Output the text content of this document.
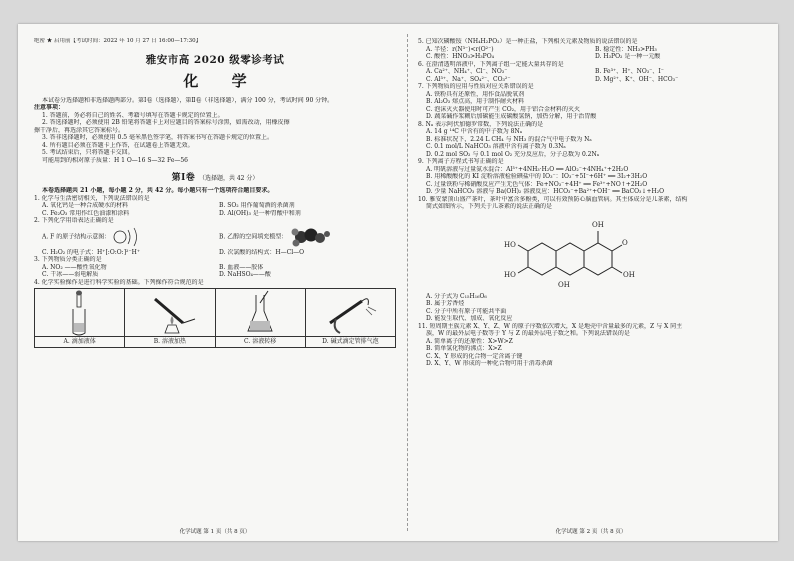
绝密 ★ 启用前【考试时间：2022 年 10 月 27 日 16:00—17:30】
雅安市高 2020 级零诊考试
化 学
本试卷分选择题和非选择题两部分。第Ⅰ卷（选择题），第Ⅱ卷（非选择题），满分 100 分，考试时间 90 分钟。
注意事项：
1. 答题前，务必将自己的姓名、考籍号填写在答题卡规定的位置上。
2. 答选择题时，必须使用 2B 铅笔将答题卡上对应题目的答案标号涂黑，如需改动，用橡皮擦
擦干净后，再选涂其它答案标号。
3. 答非选择题时，必须使用 0.5 毫米黑色签字笔，将答案书写在答题卡规定的位置上。
4. 所有题目必须在答题卡上作答，在试题卷上答题无效。
5. 考试结束后，只将答题卡交回。
可能用到的相对原子质量：H 1 O—16 S—32 Fe—56
第Ⅰ卷 （选择题，共 42 分）
本卷选择题共 21 小题，每小题 2 分，共 42 分。每小题只有一个选项符合题目要求。
1. 化学与生活密切相关，下列说法错误的是
A. 氧化钙是一种合成硬水的材料	B. SO₂ 用作葡萄酒的杀菌剂
C. Fe₂O₃ 常用作红色油漆和涂料	D. Al(OH)₃ 是一种胃酸中和剂
2. 下列化学用语表达正确的是
A. F 的原子结构示意图：	B. 乙醇的空间填充模型：
C. H₂O₂ 的电子式：H⁺[:O:O:]²⁻H⁺	D. 次氯酸的结构式：H—Cl—O
3. 下列物质分类正确的是
A. NO₂ ——酸性氧化物	B. 血液——胶体
C. 干冰——弱电解质	D. NaHSO₄——酸
4. 化学实验操作是进行科学实验的基础。下列操作符合规范的是
A. 滴加液体	B. 溶液加热	C. 溶液转移	D. 碱式滴定管排气泡
化学试题 第 1 页（共 8 页）
5. 已知次磷酸铵（NH₄H₂PO₂）是一种正盐，下列相关元素及物质的说法错误的是
A. 半径：r(N³⁻)<r(O²⁻)	B. 稳定性：NH₃>PH₃
C. 酸性：HNO₃>H₃PO₄	D. H₃PO₂ 是一种一元酸
6. 在澄清透明溶液中，下列离子组一定能大量共存的是
A. Ca²⁺、NH₄⁺、Cl⁻、NO₃⁻	B. Fe³⁺、H⁺、NO₃⁻、I⁻
C. Al³⁺、Na⁺、SO₄²⁻、CO₃²⁻	D. Mg²⁺、K⁺、OH⁻、HCO₃⁻
7. 下列物质的应用与性质对应关系错误的是
A. 铁粉具有还原性，用作食品脱氧剂
B. Al₂O₃ 熔点高，用于制作耐火材料
C. 泡沫灭火器使用时可产生 CO₂，用于铝合金材料的灭火
D. 蔬菜碱作浆糊后加碳能生成碳酸氢钠，加热分解，用于治胃酸
8. Nₐ 表示阿伏加德罗常数，下列说法正确的是
A. 14 g ¹⁴C 中含有的中子数为 8Nₐ
B. 标准状况下，2.24 L CH₄ 与 NH₃ 的混合气中电子数为 Nₐ
C. 0.1 mol/L NaHCO₃ 溶液中含有离子数为 0.3Nₐ
D. 0.2 mol SO₂ 与 0.1 mol O₂ 充分反应后，分子总数为 0.2Nₐ
9. 下列离子方程式书写正确的是
A. 明矾溶液与过量氨水混合：Al³⁺+4NH₃·H₂O ══ AlO₂⁻+4NH₄⁺+2H₂O
B. 用稀酸酸化的 KI 淀粉溶液检验碘盐中的 IO₃⁻：IO₃⁻+5I⁻+6H⁺ ══ 3I₂+3H₂O
C. 过量铁粉与稀硝酸反应产生无色气体：Fe+NO₃⁻+4H⁺ ══ Fe³⁺+NO↑+2H₂O
D. 少量 NaHCO₃ 溶液与 Ba(OH)₂ 溶液反应：HCO₃⁻+Ba²⁺+OH⁻ ══ BaCO₃↓+H₂O
10. 雅安蒙顶山盛产茶叶，茶叶中富含多酚类，可以有效预防心脑血管病。其主体成分是儿茶素，结构
简式如图所示，下列关于儿茶素的说法正确的是
HO
HO
OH
O
OH
OH
A. 分子式为 C₁₅H₁₆O₆
B. 属于芳香烃
C. 分子中所有原子可能共平面
D. 能发生取代、加成、氧化反应
11. 短周期主族元素 X、Y、Z、W 的原子序数依次增大，X 是地壳中含量最多的元素，Z 与 X 同主
族，W 的最外层电子数等于 Y 与 Z 的最外层电子数之和。下列说法错误的是
A. 简单离子的还原性：X>W>Z
B. 简单氢化物的沸点：X>Z
C. X、Y 形成的化合物一定含离子键
D. X、Y、W 形成的一种化合物可用于消毒杀菌
化学试题 第 2 页（共 8 页）
